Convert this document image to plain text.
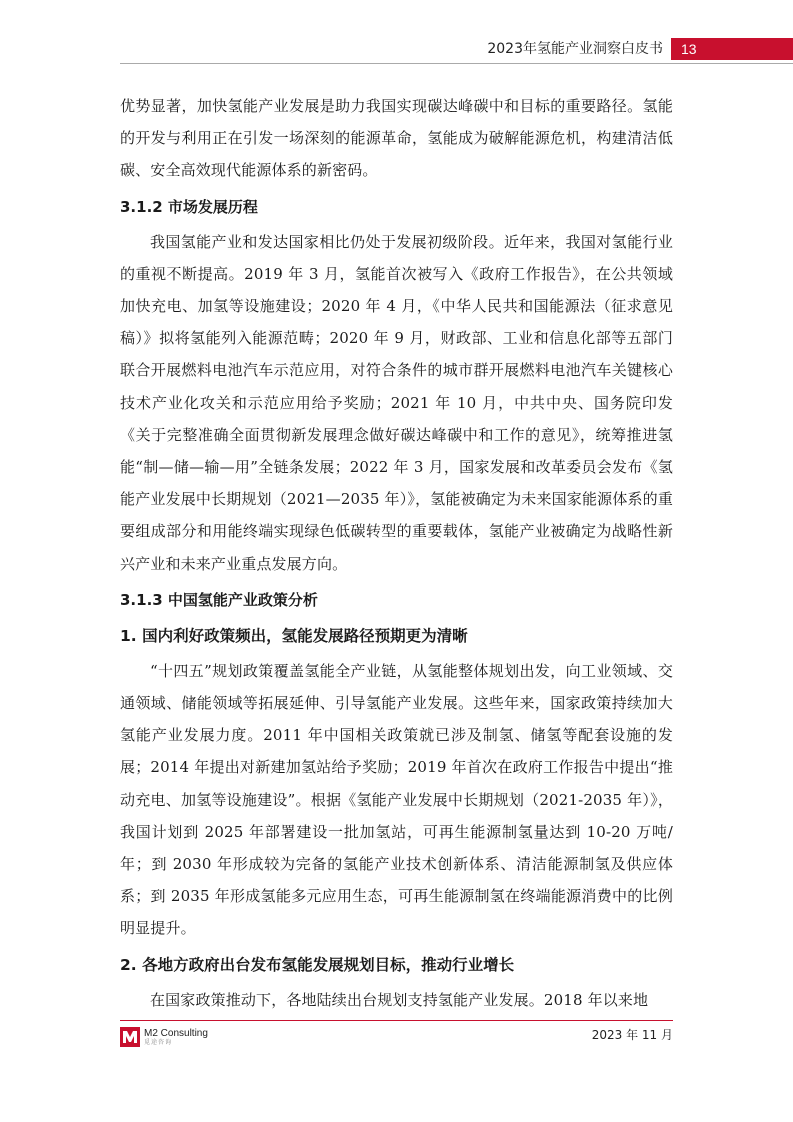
2023年氢能产业洞察白皮书	13

优势显著，加快氢能产业发展是助力我国实现碳达峰碳中和目标的重要路径。氢能的开发与利用正在引发一场深刻的能源革命，氢能成为破解能源危机，构建清洁低碳、安全高效现代能源体系的新密码。

3.1.2 市场发展历程

我国氢能产业和发达国家相比仍处于发展初级阶段。近年来，我国对氢能行业的重视不断提高。2019 年 3 月，氢能首次被写入《政府工作报告》，在公共领域加快充电、加氢等设施建设；2020 年 4 月，《中华人民共和国能源法（征求意见稿）》拟将氢能列入能源范畴；2020 年 9 月，财政部、工业和信息化部等五部门联合开展燃料电池汽车示范应用，对符合条件的城市群开展燃料电池汽车关键核心技术产业化攻关和示范应用给予奖励；2021 年 10 月，中共中央、国务院印发《关于完整准确全面贯彻新发展理念做好碳达峰碳中和工作的意见》，统筹推进氢能“制—储—输—用”全链条发展；2022 年 3 月，国家发展和改革委员会发布《氢能产业发展中长期规划（2021—2035 年）》，氢能被确定为未来国家能源体系的重要组成部分和用能终端实现绿色低碳转型的重要载体，氢能产业被确定为战略性新兴产业和未来产业重点发展方向。

3.1.3 中国氢能产业政策分析
1. 国内利好政策频出，氢能发展路径预期更为清晰

“十四五”规划政策覆盖氢能全产业链，从氢能整体规划出发，向工业领域、交通领域、储能领域等拓展延伸、引导氢能产业发展。这些年来，国家政策持续加大氢能产业发展力度。2011 年中国相关政策就已涉及制氢、储氢等配套设施的发展；2014 年提出对新建加氢站给予奖励；2019 年首次在政府工作报告中提出“推动充电、加氢等设施建设”。根据《氢能产业发展中长期规划（2021-2035 年）》，我国计划到 2025 年部署建设一批加氢站，可再生能源制氢量达到 10-20 万吨/年；到 2030 年形成较为完备的氢能产业技术创新体系、清洁能源制氢及供应体系；到 2035 年形成氢能多元应用生态，可再生能源制氢在终端能源消费中的比例明显提升。

2. 各地方政府出台发布氢能发展规划目标，推动行业增长

在国家政策推动下，各地陆续出台规划支持氢能产业发展。2018 年以来地

M2 Consulting
觅途咨询	2023 年 11 月
